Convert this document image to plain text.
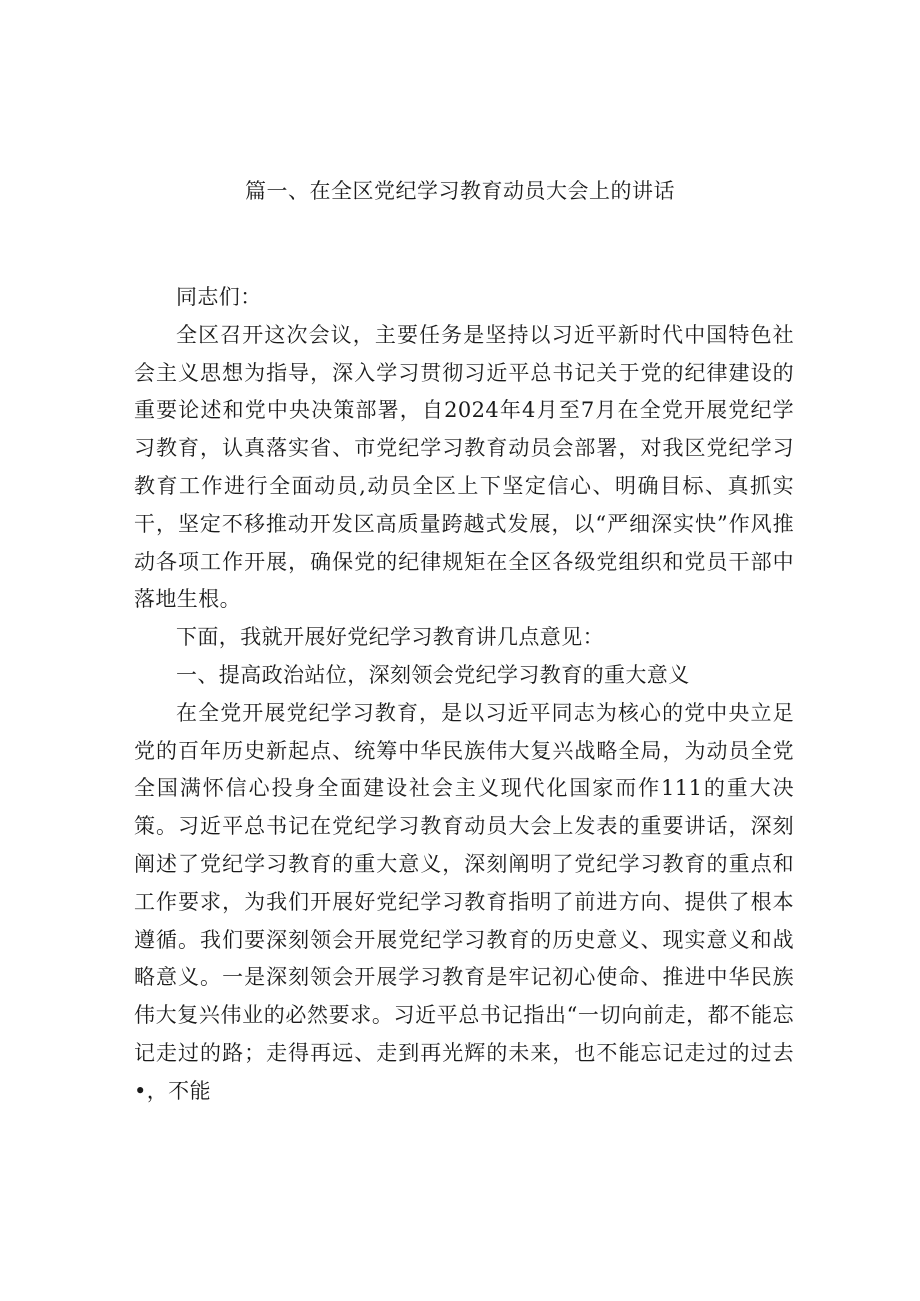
篇一、在全区党纪学习教育动员大会上的讲话

同志们：

全区召开这次会议，主要任务是坚持以习近平新时代中国特色社会主义思想为指导，深入学习贯彻习近平总书记关于党的纪律建设的重要论述和党中央决策部署，自2024年4月至7月在全党开展党纪学习教育，认真落实省、市党纪学习教育动员会部署，对我区党纪学习教育工作进行全面动员,动员全区上下坚定信心、明确目标、真抓实干，坚定不移推动开发区高质量跨越式发展，以“严细深实快”作风推动各项工作开展，确保党的纪律规矩在全区各级党组织和党员干部中落地生根。

下面，我就开展好党纪学习教育讲几点意见：

一、提高政治站位，深刻领会党纪学习教育的重大意义

在全党开展党纪学习教育，是以习近平同志为核心的党中央立足党的百年历史新起点、统筹中华民族伟大复兴战略全局，为动员全党全国满怀信心投身全面建设社会主义现代化国家而作111的重大决策。习近平总书记在党纪学习教育动员大会上发表的重要讲话，深刻阐述了党纪学习教育的重大意义，深刻阐明了党纪学习教育的重点和工作要求，为我们开展好党纪学习教育指明了前进方向、提供了根本遵循。我们要深刻领会开展党纪学习教育的历史意义、现实意义和战略意义。一是深刻领会开展学习教育是牢记初心使命、推进中华民族伟大复兴伟业的必然要求。习近平总书记指出“一切向前走，都不能忘记走过的路；走得再远、走到再光辉的未来，也不能忘记走过的过去•，不能
